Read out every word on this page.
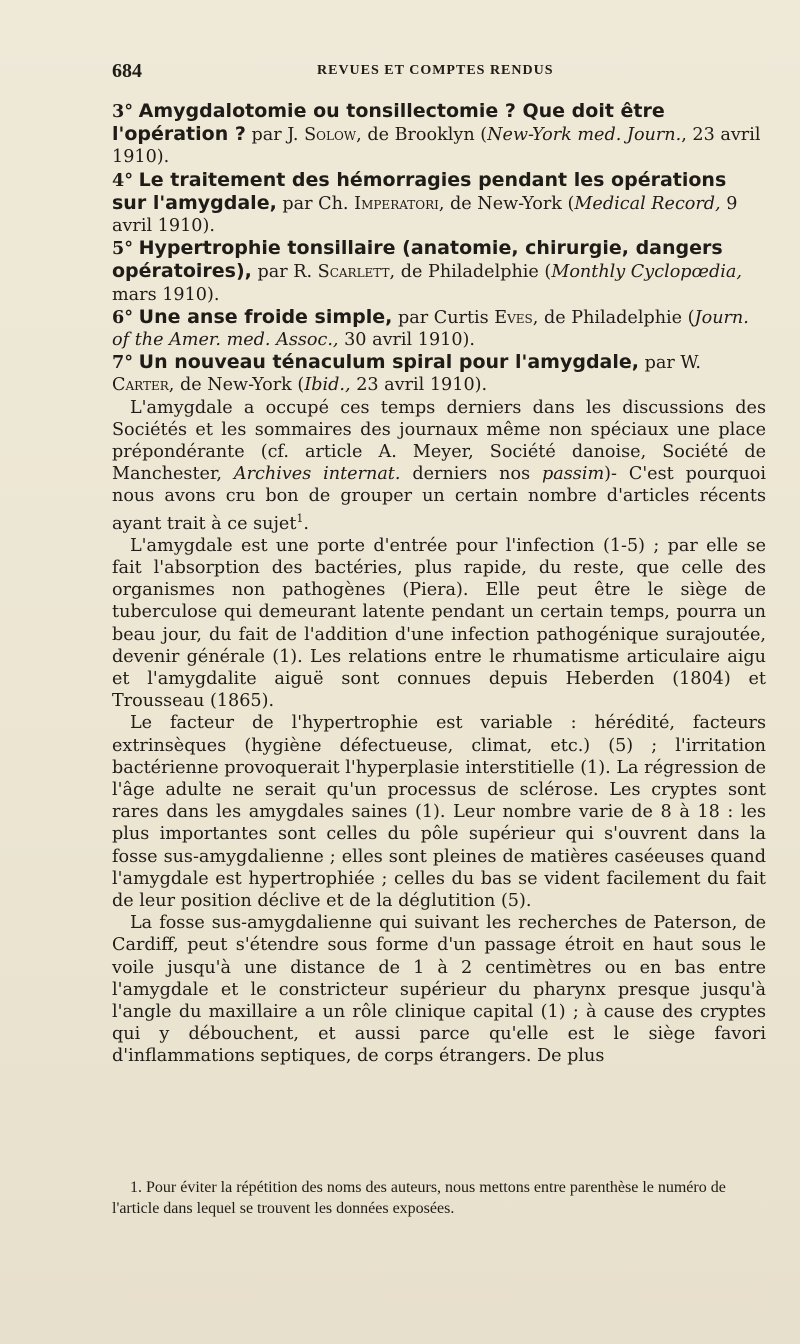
684	REVUES ET COMPTES RENDUS

3° Amygdalotomie ou tonsillectomie ? Que doit être l'opération ? par J. Solow, de Brooklyn (New-York med. Journ., 23 avril 1910).

4° Le traitement des hémorragies pendant les opérations sur l'amygdale, par Ch. Imperatori, de New-York (Medical Record, 9 avril 1910).

5° Hypertrophie tonsillaire (anatomie, chirurgie, dangers opératoires), par R. Scarlett, de Philadelphie (Monthly Cyclopœdia, mars 1910).

6° Une anse froide simple, par Curtis Eves, de Philadelphie (Journ. of the Amer. med. Assoc., 30 avril 1910).

7° Un nouveau ténaculum spiral pour l'amygdale, par W. Carter, de New-York (Ibid., 23 avril 1910).

L'amygdale a occupé ces temps derniers dans les discussions des Sociétés et les sommaires des journaux même non spéciaux une place prépondérante (cf. article A. Meyer, Société danoise, Société de Manchester, Archives internat. derniers nos passim)- C'est pourquoi nous avons cru bon de grouper un certain nombre d'articles récents ayant trait à ce sujet$^1$.

L'amygdale est une porte d'entrée pour l'infection (1-5) ; par elle se fait l'absorption des bactéries, plus rapide, du reste, que celle des organismes non pathogènes (Piera). Elle peut être le siège de tuberculose qui demeurant latente pendant un certain temps, pourra un beau jour, du fait de l'addition d'une infection pathogénique surajoutée, devenir générale (1). Les relations entre le rhumatisme articulaire aigu et l'amygdalite aiguë sont connues depuis Heberden (1804) et Trousseau (1865).

Le facteur de l'hypertrophie est variable : hérédité, facteurs extrinsèques (hygiène défectueuse, climat, etc.) (5) ; l'irritation bactérienne provoquerait l'hyperplasie interstitielle (1). La régression de l'âge adulte ne serait qu'un processus de sclérose. Les cryptes sont rares dans les amygdales saines (1). Leur nombre varie de 8 à 18 : les plus importantes sont celles du pôle supérieur qui s'ouvrent dans la fosse sus-amygdalienne ; elles sont pleines de matières caséeuses quand l'amygdale est hypertrophiée ; celles du bas se vident facilement du fait de leur position déclive et de la déglutition (5).

La fosse sus-amygdalienne qui suivant les recherches de Paterson, de Cardiff, peut s'étendre sous forme d'un passage étroit en haut sous le voile jusqu'à une distance de 1 à 2 centimètres ou en bas entre l'amygdale et le constricteur supérieur du pharynx presque jusqu'à l'angle du maxillaire a un rôle clinique capital (1) ; à cause des cryptes qui y débouchent, et aussi parce qu'elle est le siège favori d'inflammations septiques, de corps étrangers. De plus

1. Pour éviter la répétition des noms des auteurs, nous mettons entre parenthèse le numéro de l'article dans lequel se trouvent les données exposées.
